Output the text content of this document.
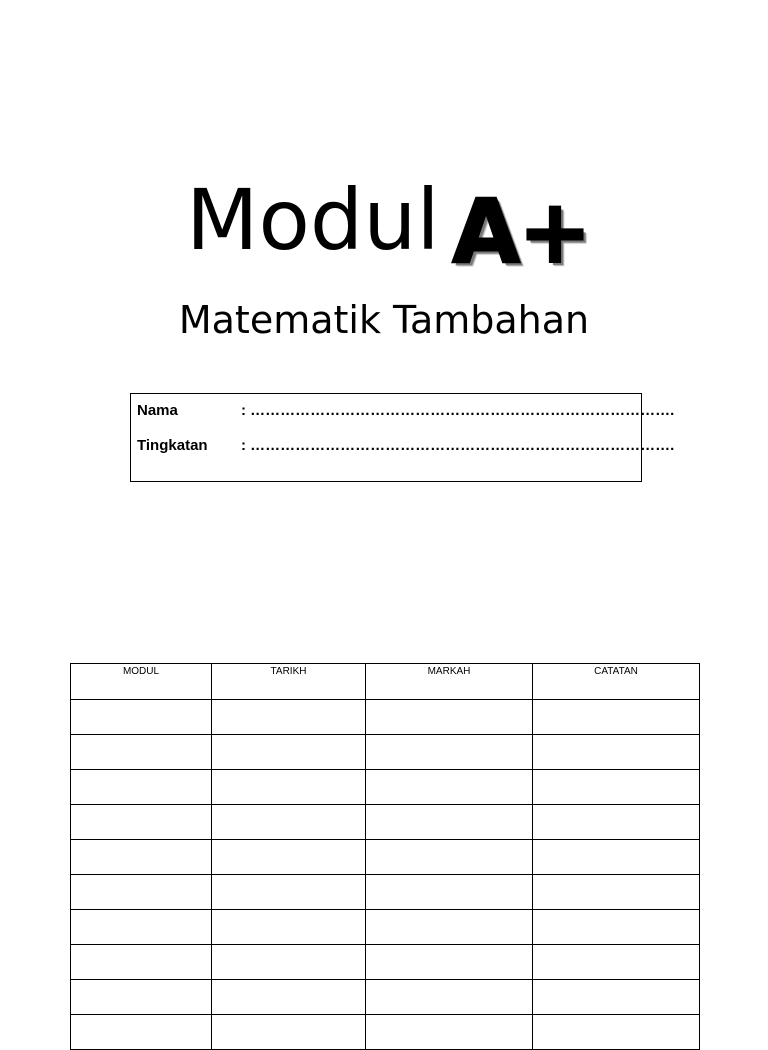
Modul A+
Matematik Tambahan
Nama	: ………………………………………………………………………….
Tingkatan : ………………………………………………………………………….
MODUL	TARIKH	MARKAH	CATATAN
